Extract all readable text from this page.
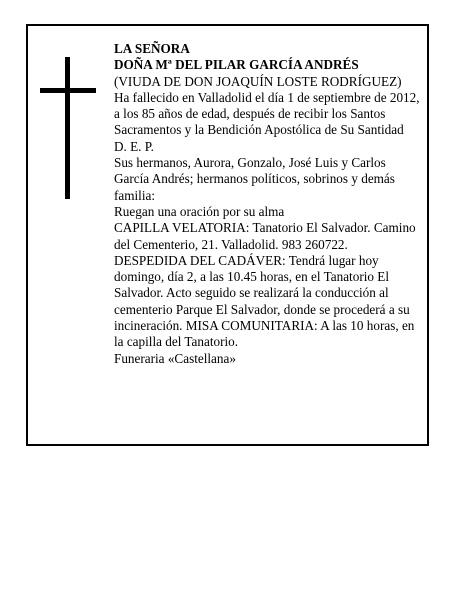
LA SEÑORA

DOÑA Mª DEL PILAR GARCÍA ANDRÉS

(VIUDA DE DON JOAQUÍN LOSTE RODRÍGUEZ)

Ha fallecido en Valladolid el día 1 de septiembre de 2012, a los 85 años de edad, después de recibir los Santos Sacramentos y la Bendición Apostólica de Su Santidad

D. E. P.

Sus hermanos, Aurora, Gonzalo, José Luis y Carlos García Andrés; hermanos políticos, sobrinos y demás familia:

Ruegan una oración por su alma

CAPILLA VELATORIA: Tanatorio El Salvador. Camino del Cementerio, 21. Valladolid. 983 260722.

DESPEDIDA DEL CADÁVER: Tendrá lugar hoy domingo, día 2, a las 10.45 horas, en el Tanatorio El Salvador. Acto seguido se realizará la conducción al cementerio Parque El Salvador, donde se procederá a su incineración. MISA COMUNITARIA: A las 10 horas, en la capilla del Tanatorio.

Funeraria «Castellana»
